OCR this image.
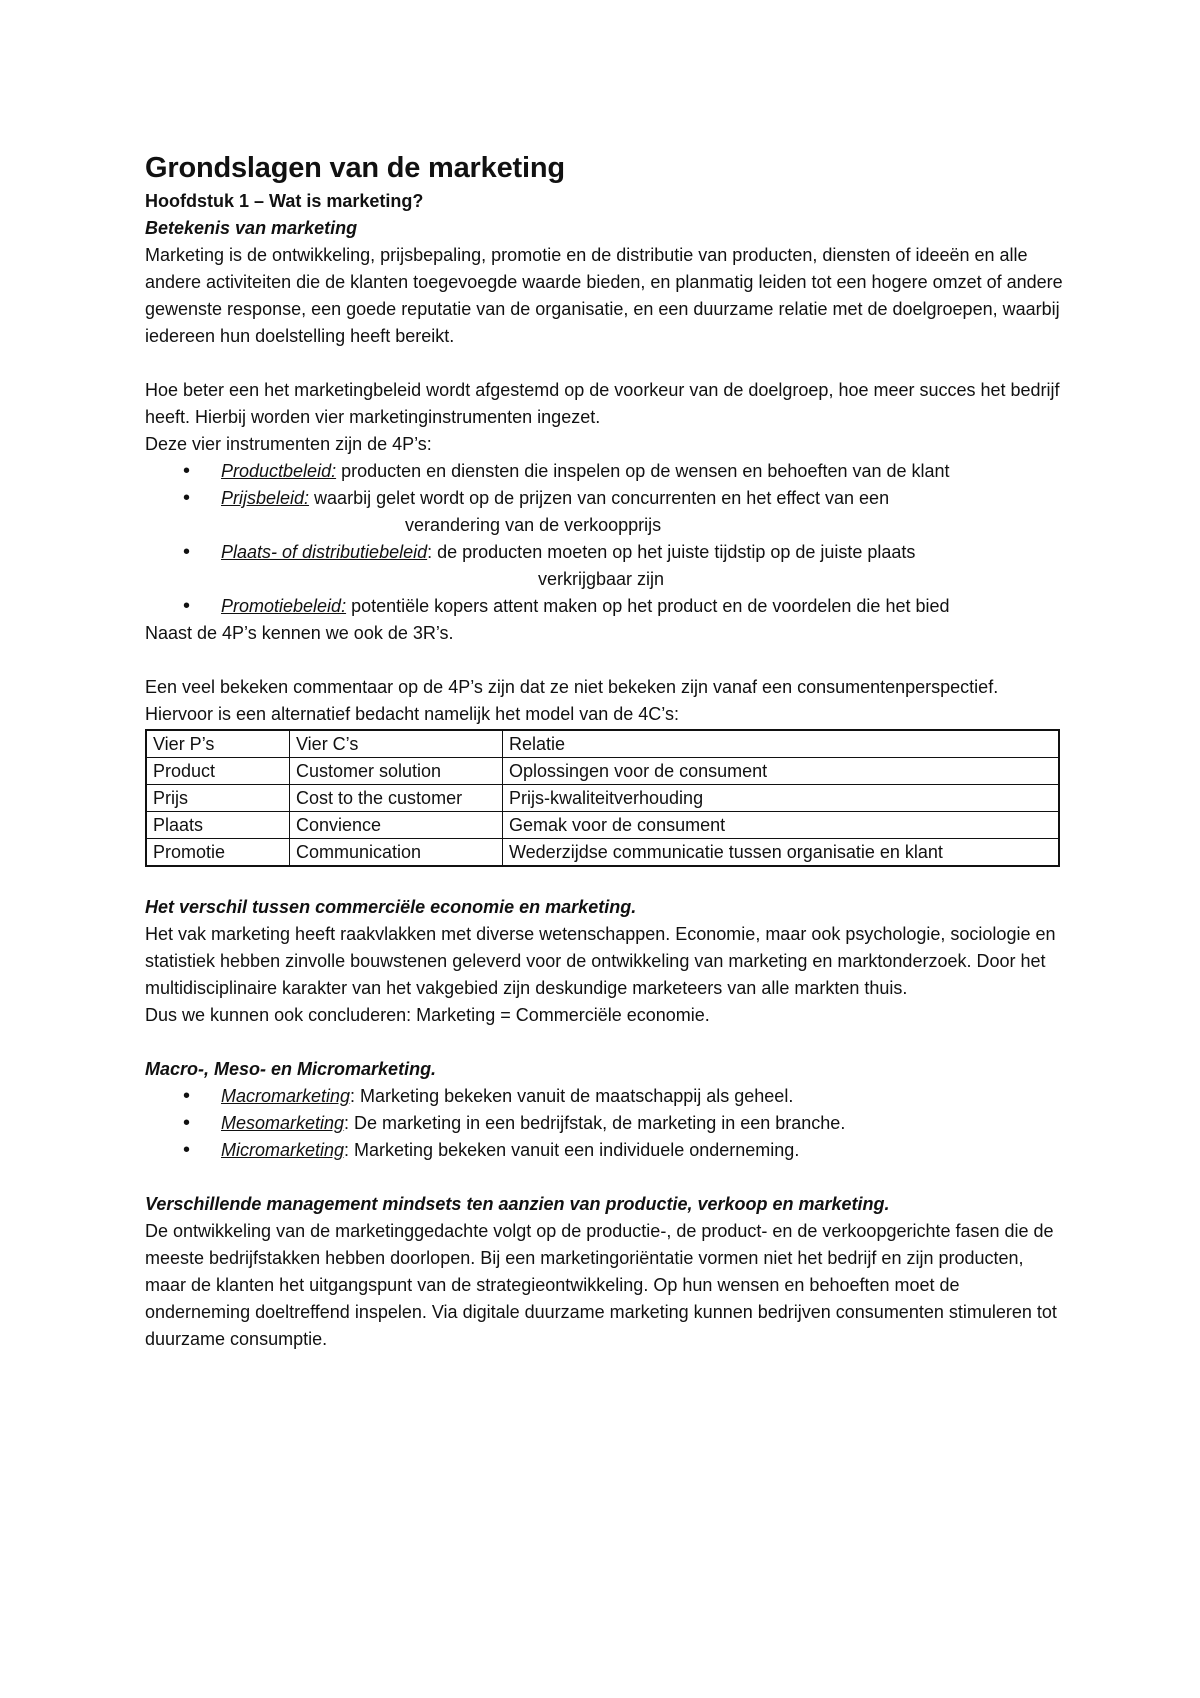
Grondslagen van de marketing
Hoofdstuk 1 – Wat is marketing?
Betekenis van marketing

Marketing is de ontwikkeling, prijsbepaling, promotie en de distributie van producten, diensten of ideeën en alle andere activiteiten die de klanten toegevoegde waarde bieden, en planmatig leiden tot een hogere omzet of andere gewenste response, een goede reputatie van de organisatie, en een duurzame relatie met de doelgroepen, waarbij iedereen hun doelstelling heeft bereikt.

Hoe beter een het marketingbeleid wordt afgestemd op de voorkeur van de doelgroep, hoe meer succes het bedrijf heeft. Hierbij worden vier marketinginstrumenten ingezet.

Deze vier instrumenten zijn de 4P’s:

• Productbeleid: producten en diensten die inspelen op de wensen en behoeften van de klant
• Prijsbeleid: waarbij gelet wordt op de prijzen van concurrenten en het effect van een
verandering van de verkoopprijs
• Plaats- of distributiebeleid: de producten moeten op het juiste tijdstip op de juiste plaats
verkrijgbaar zijn
• Promotiebeleid: potentiële kopers attent maken op het product en de voordelen die het bied

Naast de 4P’s kennen we ook de 3R’s.

Een veel bekeken commentaar op de 4P’s zijn dat ze niet bekeken zijn vanaf een consumentenperspectief. Hiervoor is een alternatief bedacht namelijk het model van de 4C’s:

Vier P’s	Vier C’s	Relatie
Product	Customer solution	Oplossingen voor de consument
Prijs	Cost to the customer	Prijs-kwaliteitverhouding
Plaats	Convience	Gemak voor de consument
Promotie	Communication	Wederzijdse communicatie tussen organisatie en klant
Het verschil tussen commerciële economie en marketing.

Het vak marketing heeft raakvlakken met diverse wetenschappen. Economie, maar ook psychologie, sociologie en statistiek hebben zinvolle bouwstenen geleverd voor de ontwikkeling van marketing en marktonderzoek. Door het multidisciplinaire karakter van het vakgebied zijn deskundige marketeers van alle markten thuis.

Dus we kunnen ook concluderen: Marketing = Commerciële economie.

Macro-, Meso- en Micromarketing.
• Macromarketing: Marketing bekeken vanuit de maatschappij als geheel.
• Mesomarketing: De marketing in een bedrijfstak, de marketing in een branche.
• Micromarketing: Marketing bekeken vanuit een individuele onderneming.
Verschillende management mindsets ten aanzien van productie, verkoop en marketing.

De ontwikkeling van de marketinggedachte volgt op de productie-, de product- en de verkoopgerichte fasen die de meeste bedrijfstakken hebben doorlopen. Bij een marketingoriëntatie vormen niet het bedrijf en zijn producten, maar de klanten het uitgangspunt van de strategieontwikkeling. Op hun wensen en behoeften moet de onderneming doeltreffend inspelen. Via digitale duurzame marketing kunnen bedrijven consumenten stimuleren tot duurzame consumptie.
